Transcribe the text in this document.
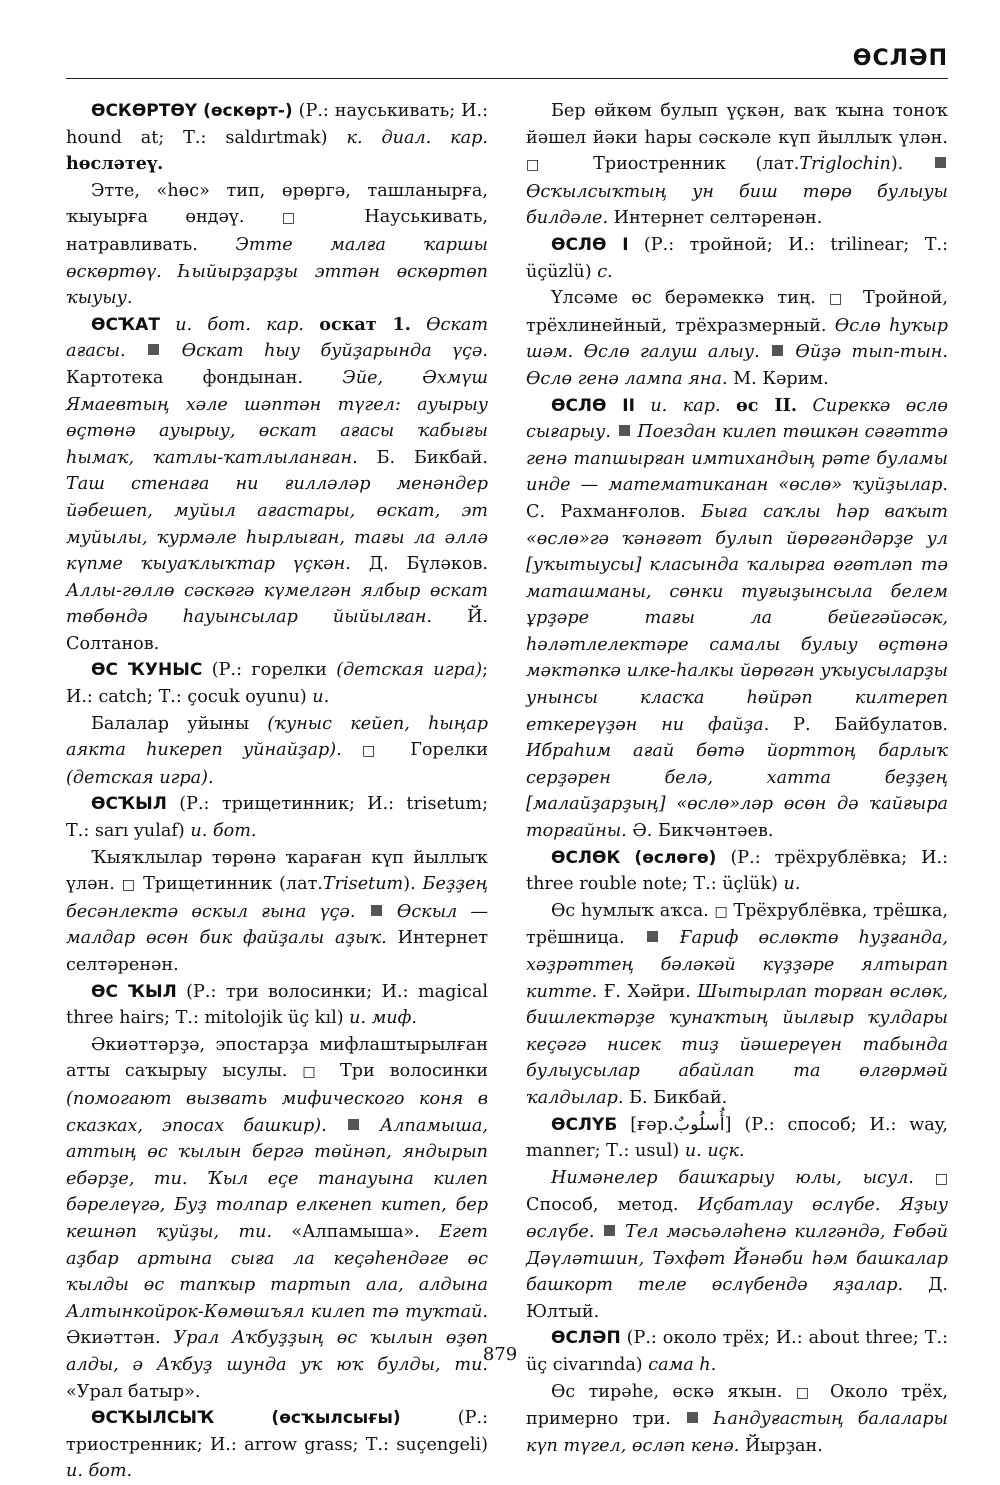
ӨСЛӘП

ӨСКӨРТӨҮ (өскөрт-) (Р.: науськивать; И.: hound at; Т.: saldırtmak) к. диал. кар. hөсләтеү.

Этте, «hөс» тип, өрөргә, ташланырға, ҡыуырға өндәү.	□ Науськивать, натравливать. Этте малға ҡаршы өскөртөү. Һыйырҙарҙы эттән өскөртөп ҡыуыу.

ӨСҠАТ и. бот. кар. оскат 1. Өскат ағасы.	Өскат һыу буйҙарында үҫә. Картотека фондынан. Эйе, Әхмүш Ямаевтың хәле шәптән түгел: ауырыу өҫтөнә ауырыу, өскат ағасы ҡабығы һымаҡ, ҡатлы-ҡатлыланған. Б. Бикбай. Таш стенаға ни ғилләләр менәндер йәбешеп, муйыл ағастары, өскат, эт муйылы, ҡурмәле һырлыған, тағы ла әллә күпме ҡыуаҡлыҡтар үҫкән. Д. Бүләков. Аллы-гөллө сәскәгә күмелгән ялбыр өскат төбөндә һауынсылар йыйылған. Й. Солтанов.

ӨС ҠУНЫС (Р.: горелки (детская игра); И.: catch; Т.: çocuk oyunu) и.

Балалар уйыны (ҡуныс кейеп, һыңар аякта һикереп уйнайҙар). □ Горелки (детская игра).

ӨСҠЫЛ (Р.: трищетинник; И.: trisetum; Т.: sarı yulaf) и. бот.

Ҡыяҡлылар төрөнә ҡараған күп йыллыҡ үлән. □ Трищетинник (лат.Trisetum). Беҙҙең бесәнлектә өскыл ғына үҫә. Өскыл — малдар өсөн бик файҙалы аҙыҡ. Интернет селтәренән.

ӨС ҠЫЛ (Р.: три волосинки; И.: magical three hairs; Т.: mitolojik üç kıl) и. миф.

Әкиәттәрҙә, эпостарҙа мифлаштырылған атты саҡырыу ысулы. □ Три волосинки (помогают вызвать мифического коня в сказках, эпосах башкир).	Алпамыша, аттың өс ҡылын бергә төйнәп, яндырып ебәрҙе, ти. Ҡыл еҫе танауына килеп бәрелеүгә, Буҙ толпар елкенеп китеп, бер кешнәп ҡуйҙы, ти. «Алпамыша». Егет аҙбар артына сыға ла кеҫәһендәге өс ҡылды өс тапҡыр тартып ала, алдына Алтынкойрок-Көмөшъял килеп тә туҡтай. Әкиәттән. Урал Аҡбуҙҙың өс ҡылын өҙөп алды, ә Аҡбуҙ шунда уҡ юҡ булды, ти. «Урал батыр».

ӨСҠЫЛСЫҠ	(өсҡылсығы)	(Р.: триостренник; И.: arrow grass; Т.: suçengeli) и. бот.

Бер өйкөм булып үҫкән, ваҡ ҡына тоноҡ йәшел йәки һары сәскәле күп йыллыҡ үлән. □ Триостренник (лат.Triglochin).  Өсҡылсыҡтың ун биш төрө булыуы билдәле. Интернет селтәренән.

ӨСЛӨ I (Р.: тройной; И.: trilinear; Т.: üçüzlü) с.

Үлсәме өс берәмеккә тиң. □ Тройной, трёхлинейный, трёхразмерный. Өслө һуҡыр шәм. Өслө галуш алыу. Өйҙә тып-тын. Өслө генә лампа яна. М. Кәрим.

ӨСЛӨ II и. кар. өс II. Сиреккә өслө сығарыу. Поездан килеп төшкән сәғәттә генә тапшырған имтихандың рәте буламы инде — математиканан «өслө» ҡуйҙылар. С. Рахманғолов. Быға саҡлы һәр ваҡыт «өслө»гә ҡәнәғәт булып йөрөгәндәрҙе ул [уҡытыусы] класында ҡалырға өгөтләп тә маташманы, сөнки туғыҙынсыла белем ұрҙәре тағы ла бейегәйәсәк, һәләтлелектәре самалы булыу өҫтөнә мәктәпкә илке-һалкы йөрөгән уҡыусыларҙы унынсы класҡа һөйрәп килтереп еткереүҙән ни файҙа. Р. Байбулатов. Ибраһим ағай бөтә йорттоң барлыҡ серҙәрен белә, хатта беҙҙең [малайҙарҙың] «өслө»ләр өсөн дә ҡайғыра торғайны. Ә. Бикчәнтәев.

ӨСЛӨК (өслөгө) (Р.: трёхрублёвка; И.: three rouble note; Т.: üçlük) и.

Өс һумлыҡ аҡса. □ Трёхрублёвка, трёшка, трёшница.	Ғариф өслөктө һуҙғанда, хәҙрәттең бәләкәй күҙҙәре ялтырап китте. Ғ. Хәйри. Шытырлап торған өслөк, бишлектәрҙе ҡунаҡтың йылғыр ҡулдары кеҫәгә нисек тиҙ йәшереүен табында булыусылар абайлап та өлгөрмәй ҡалдылар. Б. Бикбай.

ӨСЛҮБ [ғәр.أُسلُوبٌ] (Р.: способ; И.: way, manner; Т.: usul) и. иҫк.

Нимәнелер башҡарыу юлы, ысул. □ Способ, метод. Иҫбатлау өслүбе. Яҙыу өслүбе. Тел мәсьәләһенә килгәндә, Ғөбәй Дәүләтшин, Тәхфәт Йәнәби һәм башкалар башкорт теле өслүбендә яҙалар. Д. Юлтый.

ӨСЛӘП (Р.: около трёх; И.: about three; Т.: üç civarında) сама h.

Өс тирәһе, өскә яҡын. □ Около трёх, примерно три. Һандуғастың балалары күп түгел, өсләп кенә. Йырҙан.

879
